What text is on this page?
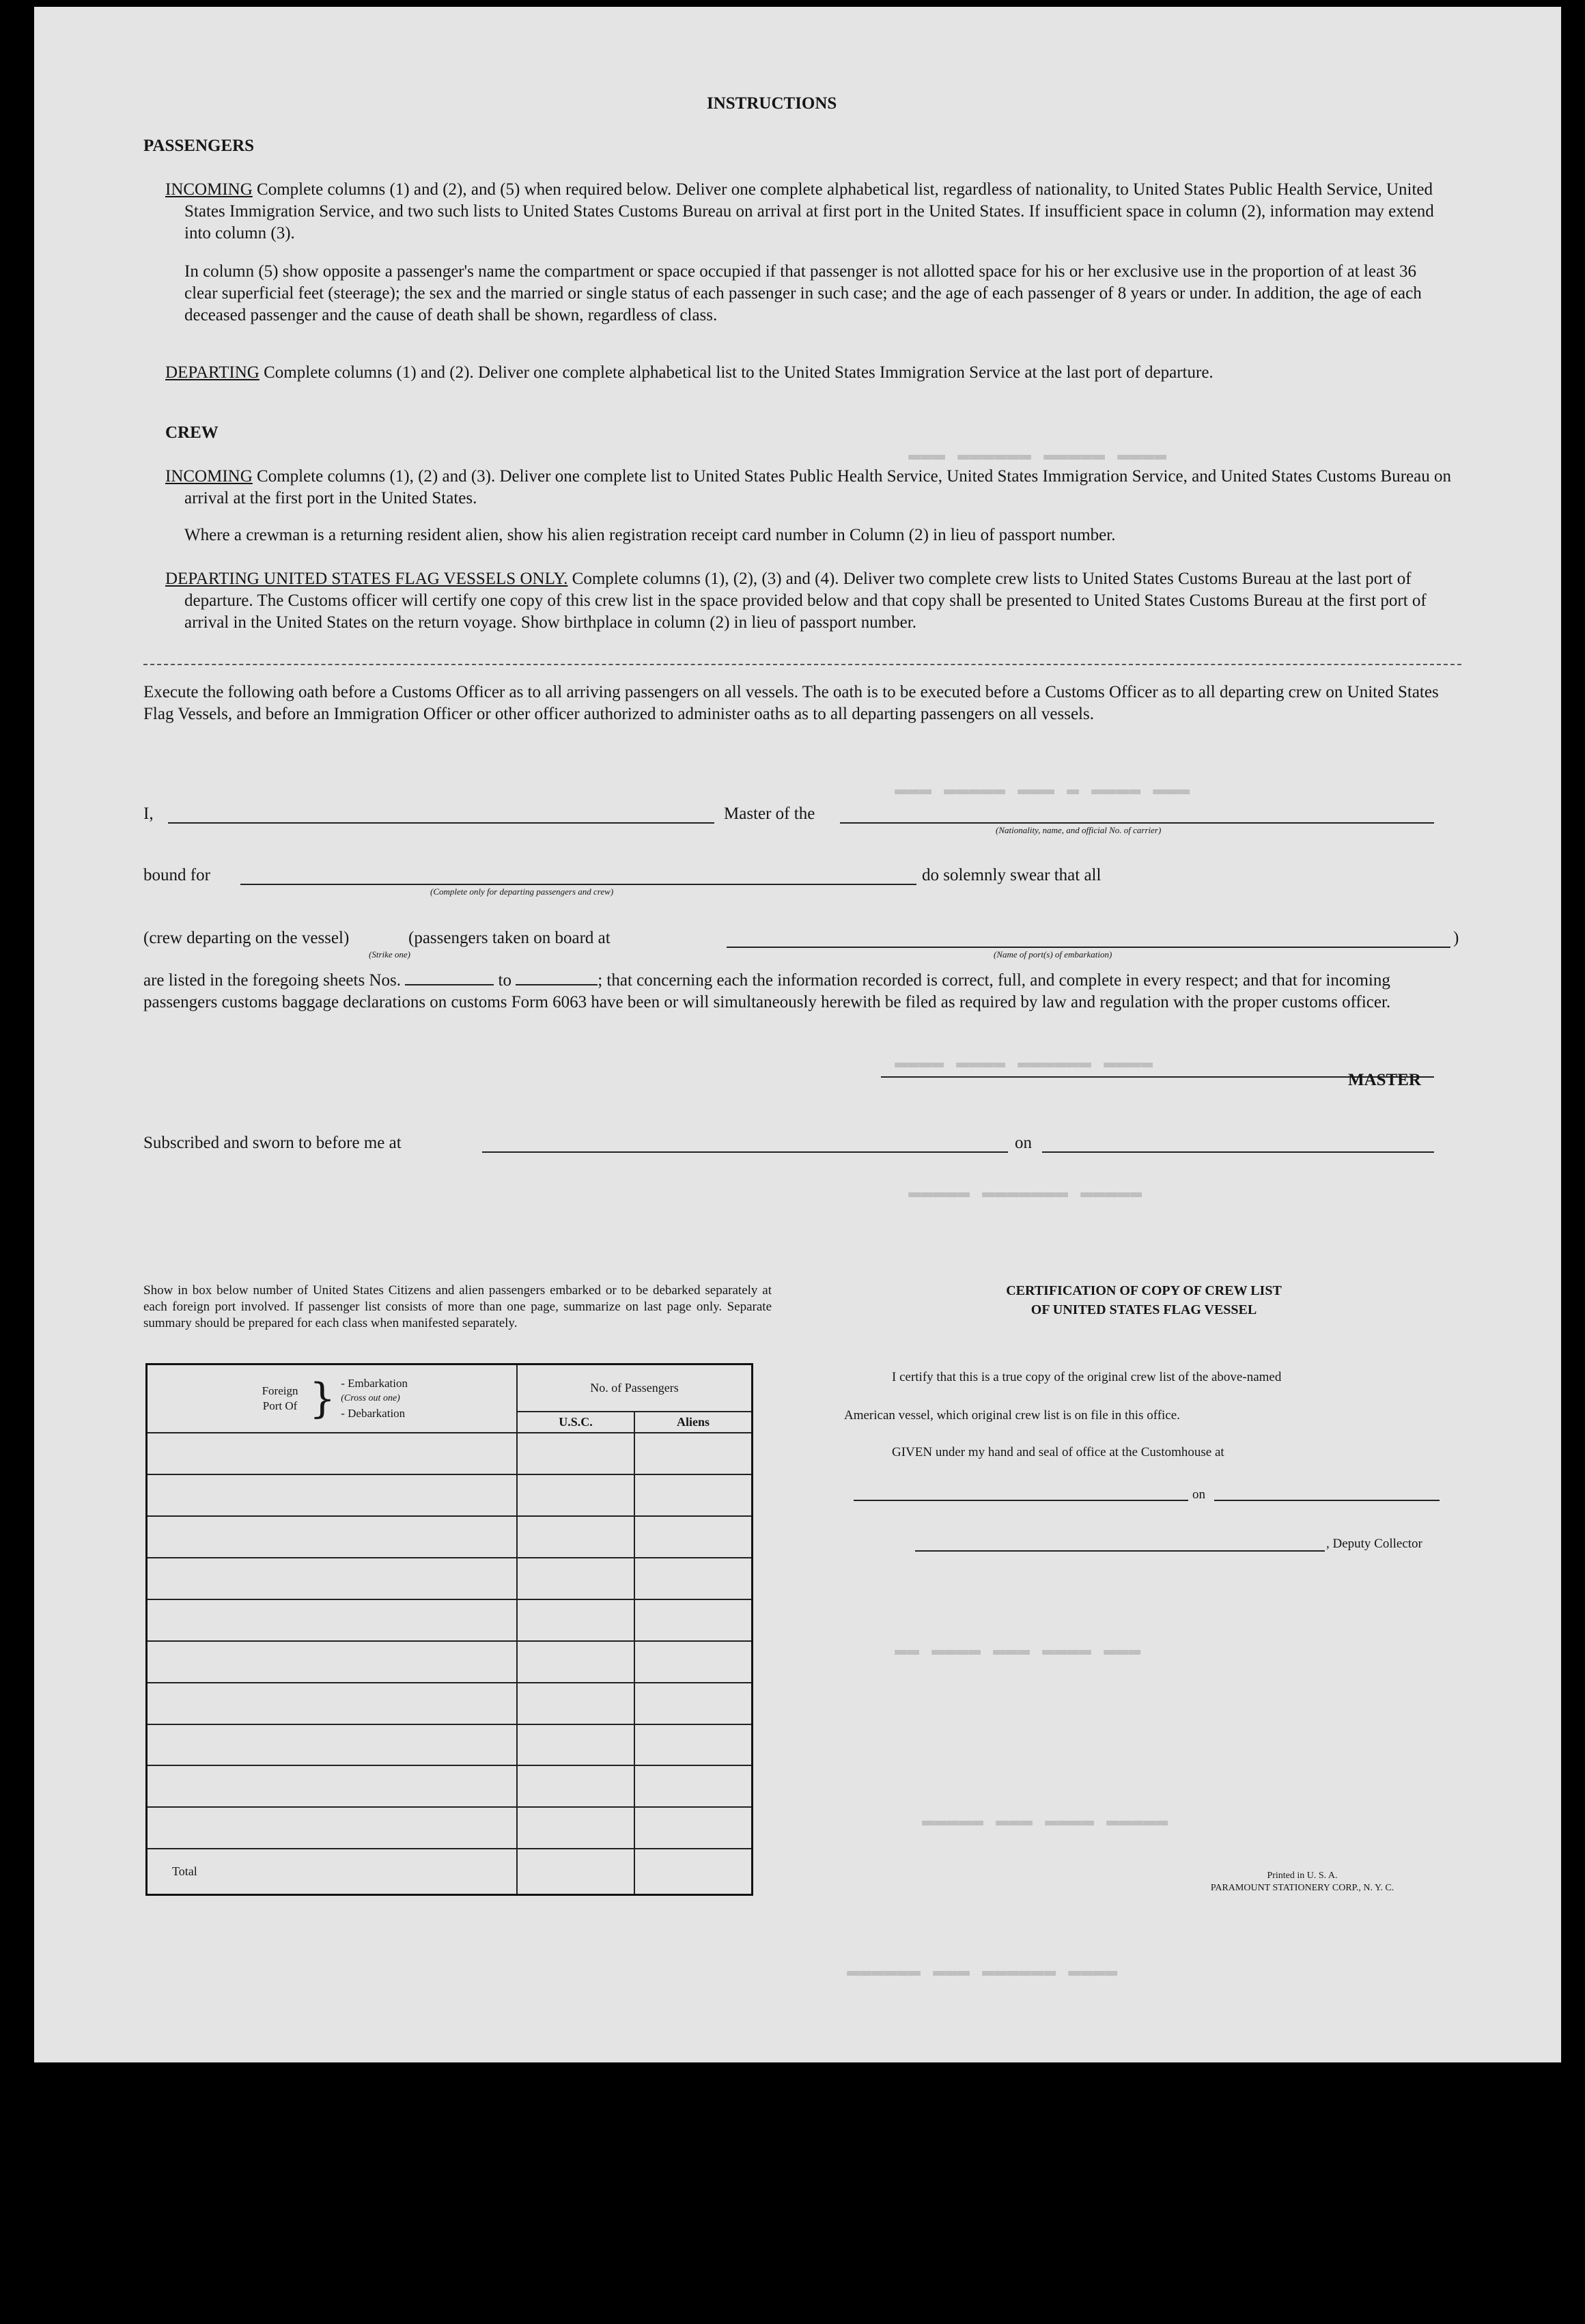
INSTRUCTIONS
PASSENGERS
INCOMING Complete columns (1) and (2), and (5) when required below. Deliver one complete alphabetical list, regardless of nationality, to United States Public Health Service, United States Immigration Service, and two such lists to United States Customs Bureau on arrival at first port in the United States. If insufficient space in column (2), information may extend into column (3).
In column (5) show opposite a passenger's name the compartment or space occupied if that passenger is not allotted space for his or her exclusive use in the proportion of at least 36 clear superficial feet (steerage); the sex and the married or single status of each passenger in such case; and the age of each passenger of 8 years or under. In addition, the age of each deceased passenger and the cause of death shall be shown, regardless of class.
DEPARTING Complete columns (1) and (2). Deliver one complete alphabetical list to the United States Immigration Service at the last port of departure.
CREW
INCOMING Complete columns (1), (2) and (3). Deliver one complete list to United States Public Health Service, United States Immigration Service, and United States Customs Bureau on arrival at the first port in the United States.
Where a crewman is a returning resident alien, show his alien registration receipt card number in Column (2) in lieu of passport number.
DEPARTING UNITED STATES FLAG VESSELS ONLY. Complete columns (1), (2), (3) and (4). Deliver two complete crew lists to United States Customs Bureau at the last port of departure. The Customs officer will certify one copy of this crew list in the space provided below and that copy shall be presented to United States Customs Bureau at the first port of arrival in the United States on the return voyage. Show birthplace in column (2) in lieu of passport number.
Execute the following oath before a Customs Officer as to all arriving passengers on all vessels. The oath is to be executed before a Customs Officer as to all departing crew on United States Flag Vessels, and before an Immigration Officer or other officer authorized to administer oaths as to all departing passengers on all vessels.
I,	Master of the
(Nationality, name, and official No. of carrier)
bound for
(Complete only for departing passengers and crew)
do solemnly swear that all
(crew departing on the vessel)	(passengers taken on board at
(Strike one)	(Name of port(s) of embarkation)
)
are listed in the foregoing sheets Nos.	to	; that concerning each the information recorded is correct, full, and complete in every respect; and that for incoming passengers customs baggage declarations on customs Form 6063 have been or will simultaneously herewith be filed as required by law and regulation with the proper customs officer.
MASTER
Subscribed and sworn to before me at	on
Show in box below number of United States Citizens and alien passengers embarked or to be debarked separately at each foreign port involved. If passenger list consists of more than one page, summarize on last page only. Separate summary should be prepared for each class when manifested separately.
Foreign Port Of } - Embarkation
(Cross out one)
- Debarkation	No. of Passengers	
	U.S.C.	Aliens

Total		
CERTIFICATION OF COPY OF CREW LIST
OF UNITED STATES FLAG VESSEL
I certify that this is a true copy of the original crew list of the above-named
American vessel, which original crew list is on file in this office.
GIVEN under my hand and seal of office at the Customhouse at
on
, Deputy Collector
Printed in U. S. A.
PARAMOUNT STATIONERY CORP., N. Y. C.
▬▬▬▬ ▬▬▬▬▬ ▬▬▬▬▬▬ ▬▬▬
▬▬▬ ▬▬▬▬ ▬ ▬▬▬ ▬▬▬▬▬ ▬▬▬
▬▬▬▬ ▬▬▬▬▬▬ ▬▬▬▬ ▬▬▬▬
▬▬▬▬▬ ▬▬▬▬▬▬▬ ▬▬▬▬▬
▬▬▬ ▬▬▬▬ ▬▬▬ ▬▬▬▬ ▬▬
▬▬▬▬▬ ▬▬▬▬ ▬▬▬ ▬▬▬▬▬
▬▬▬▬ ▬▬▬▬▬▬ ▬▬▬ ▬▬▬▬▬▬
